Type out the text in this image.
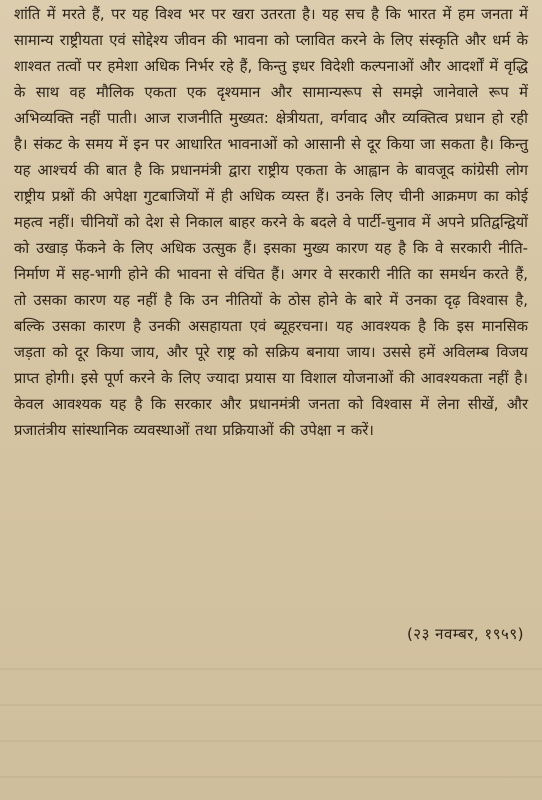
शांति में मरते हैं, पर यह विश्व भर पर खरा उतरता है। यह सच है कि भारत में हम जनता में सामान्य राष्ट्रीयता एवं सोद्देश्य जीवन की भावना को प्लावित करने के लिए संस्कृति और धर्म के शाश्वत तत्वों पर हमेशा अधिक निर्भर रहे हैं, किन्तु इधर विदेशी कल्पनाओं और आदर्शों में वृद्धि के साथ वह मौलिक एकता एक दृश्यमान और सामान्यरूप से समझे जानेवाले रूप में अभिव्यक्ति नहीं पाती। आज राजनीति मुख्यत: क्षेत्रीयता, वर्गवाद और व्यक्तित्व प्रधान हो रही है। संकट के समय में इन पर आधारित भावनाओं को आसानी से दूर किया जा सकता है। किन्तु यह आश्चर्य की बात है कि प्रधानमंत्री द्वारा राष्ट्रीय एकता के आह्वान के बावजूद कांग्रेसी लोग राष्ट्रीय प्रश्नों की अपेक्षा गुटबाजियों में ही अधिक व्यस्त हैं। उनके लिए चीनी आक्रमण का कोई महत्व नहीं। चीनियों को देश से निकाल बाहर करने के बदले वे पार्टी-चुनाव में अपने प्रतिद्वन्द्वियों को उखाड़ फेंकने के लिए अधिक उत्सुक हैं। इसका मुख्य कारण यह है कि वे सरकारी नीति-निर्माण में सह-भागी होने की भावना से वंचित हैं। अगर वे सरकारी नीति का समर्थन करते हैं, तो उसका कारण यह नहीं है कि उन नीतियों के ठोस होने के बारे में उनका दृढ़ विश्वास है, बल्कि उसका कारण है उनकी असहायता एवं ब्यूहरचना। यह आवश्यक है कि इस मानसिक जड़ता को दूर किया जाय, और पूरे राष्ट्र को सक्रिय बनाया जाय। उससे हमें अविलम्ब विजय प्राप्त होगी। इसे पूर्ण करने के लिए ज्यादा प्रयास या विशाल योजनाओं की आवश्यकता नहीं है। केवल आवश्यक यह है कि सरकार और प्रधानमंत्री जनता को विश्वास में लेना सीखें, और प्रजातंत्रीय सांस्थानिक व्यवस्थाओं तथा प्रक्रियाओं की उपेक्षा न करें।

(२३ नवम्बर, १९५९)
